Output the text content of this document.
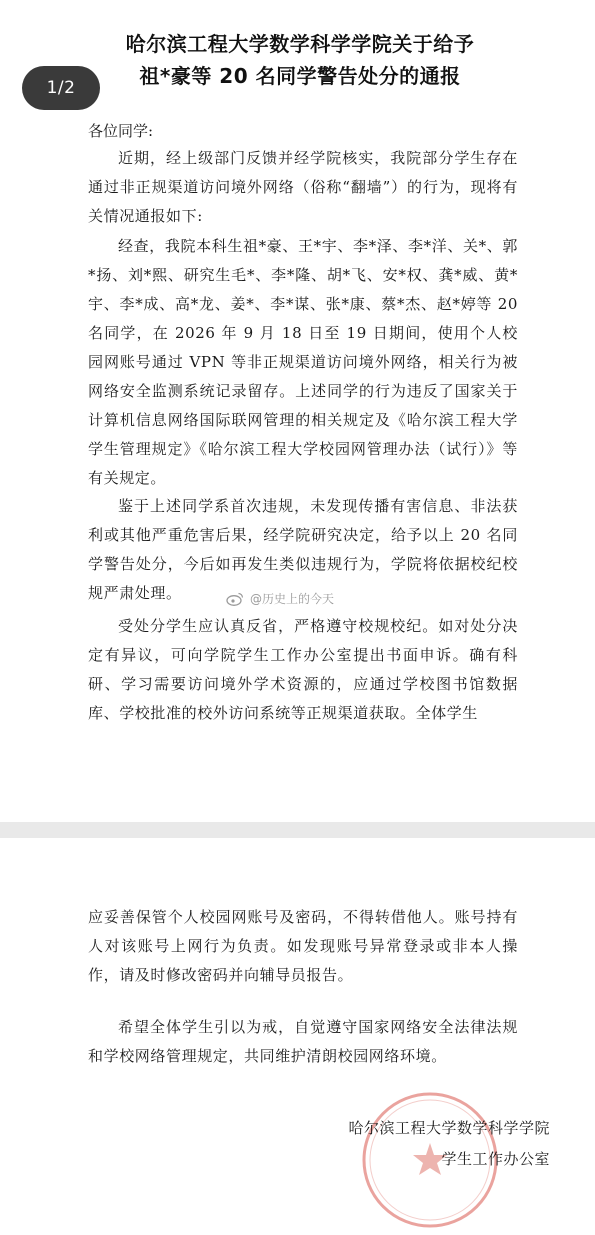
哈尔滨工程大学数学科学学院关于给予
祖*豪等 20 名同学警告处分的通报
各位同学:

近期，经上级部门反馈并经学院核实，我院部分学生存在通过非正规渠道访问境外网络（俗称“翻墙”）的行为，现将有关情况通报如下:

经查，我院本科生祖*豪、王*宇、李*泽、李*洋、关*、郭*扬、刘*熙、研究生毛*、李*隆、胡*飞、安*权、龚*威、黄*宇、李*成、高*龙、姜*、李*谋、张*康、蔡*杰、赵*婷等 20 名同学，在 2026 年 9 月 18 日至 19 日期间，使用个人校园网账号通过 VPN 等非正规渠道访问境外网络，相关行为被网络安全监测系统记录留存。上述同学的行为违反了国家关于计算机信息网络国际联网管理的相关规定及《哈尔滨工程大学学生管理规定》《哈尔滨工程大学校园网管理办法（试行）》等有关规定。

鉴于上述同学系首次违规，未发现传播有害信息、非法获利或其他严重危害后果，经学院研究决定，给予以上 20 名同学警告处分，今后如再发生类似违规行为，学院将依据校纪校规严肃处理。

受处分学生应认真反省，严格遵守校规校纪。如对处分决定有异议，可向学院学生工作办公室提出书面申诉。确有科研、学习需要访问境外学术资源的，应通过学校图书馆数据库、学校批准的校外访问系统等正规渠道获取。全体学生

@历史上的今天
1/2

应妥善保管个人校园网账号及密码，不得转借他人。账号持有人对该账号上网行为负责。如发现账号异常登录或非本人操作，请及时修改密码并向辅导员报告。

希望全体学生引以为戒，自觉遵守国家网络安全法律法规和学校网络管理规定，共同维护清朗校园网络环境。

哈尔滨工程大学数学科学学院
学生工作办公室
